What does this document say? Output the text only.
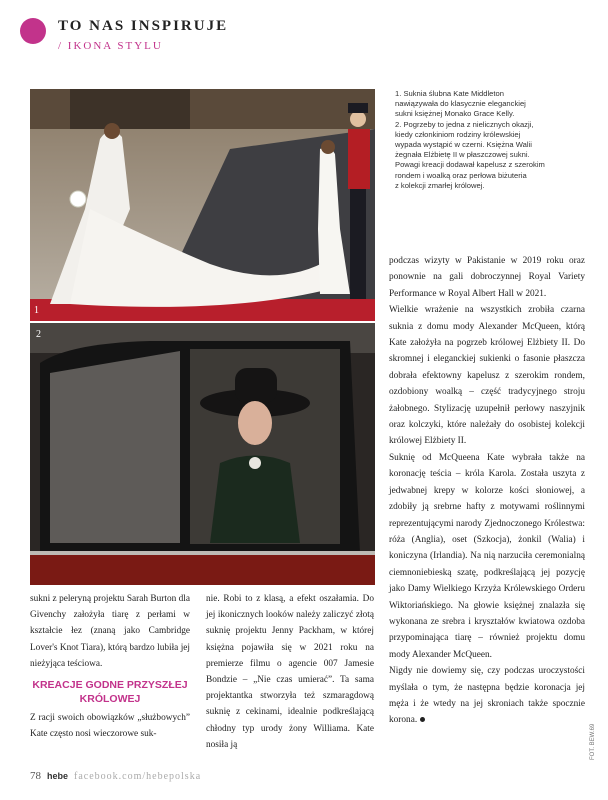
TO NAS INSPIRUJE
/ IKONA STYLU
1
2

1. Suknia ślubna Kate Middleton

nawiązywała do klasycznie eleganckiej

sukni księżnej Monako Grace Kelly.

2. Pogrzeby to jedna z nielicznych okazji,

kiedy członkiniom rodziny królewskiej

wypada wystąpić w czerni. Księżna Walii

żegnała Elżbietę II w płaszczowej sukni.

Powagi kreacji dodawał kapelusz z szerokim

rondem i woalką oraz perłowa biżuteria

z kolekcji zmarłej królowej.

podczas wizyty w Pakistanie w 2019 roku oraz ponownie na gali dobroczynnej Royal Variety Performance w Royal Albert Hall w 2021.

Wielkie wrażenie na wszystkich zrobiła czarna suknia z domu mody Alexander McQueen, którą Kate założyła na pogrzeb królowej Elżbiety II. Do skromnej i eleganckiej sukienki o fasonie płaszcza dobrała efektowny kapelusz z szerokim rondem, ozdobiony woalką – część tradycyjnego stroju żałobnego. Stylizację uzupełnił perłowy naszyjnik oraz kolczyki, które należały do osobistej kolekcji królowej Elżbiety II.

Suknię od McQueena Kate wybrała także na koronację teścia – króla Karola. Została uszyta z jedwabnej krepy w kolorze kości słoniowej, a zdobiły ją srebrne hafty z motywami roślinnymi reprezentującymi narody Zjednoczonego Królestwa: róża (Anglia), oset (Szkocja), żonkil (Walia) i koniczyna (Irlandia). Na nią narzuciła ceremonialną ciemnoniebieską szatę, podkreślającą jej pozycję jako Damy Wielkiego Krzyża Królewskiego Orderu Wiktoriańskiego. Na głowie księżnej znalazła się wykonana ze srebra i kryształów kwiatowa ozdoba przypominająca tiarę – również projektu domu mody Alexander McQueen.

Nigdy nie dowiemy się, czy podczas uroczystości myślała o tym, że następna będzie koronacja jej męża i że wtedy na jej skroniach także spocznie korona.

sukni z peleryną projektu Sarah Burton dla Givenchy założyła tiarę z perłami w kształcie łez (znaną jako Cambridge Lover's Knot Tiara), którą bardzo lubiła jej nieżyjąca teściowa.

KREACJE GODNE PRZYSZŁEJ KRÓLOWEJ

Z racji swoich obowiązków „służbowych” Kate często nosi wieczorowe suk-

nie. Robi to z klasą, a efekt oszałamia. Do jej ikonicznych looków należy zaliczyć złotą suknię projektu Jenny Packham, w której księżna pojawiła się w 2021 roku na premierze filmu o agencie 007 Jamesie Bondzie – „Nie czas umierać”. Ta sama projektantka stworzyła też szmaragdową suknię z cekinami, idealnie podkreślającą chłodny typ urody żony Williama. Kate nosiła ją

78 hebe facebook.com/hebepolska
FOT. BEW.69
